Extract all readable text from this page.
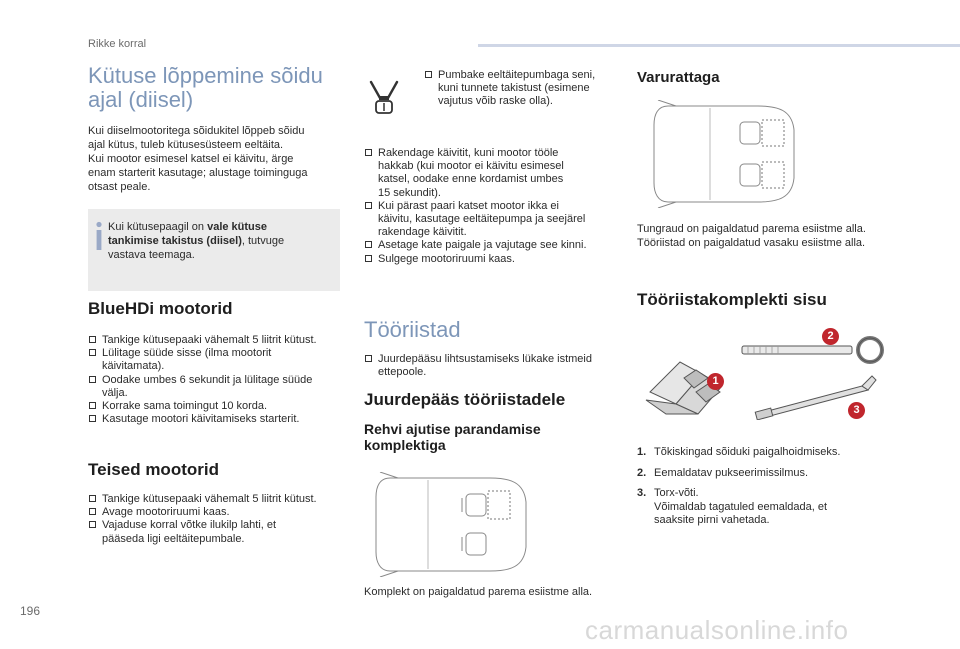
Rikke korral
196
carmanualsonline.info
Kütuse lõppemine sõidu
ajal (diisel)
Kui diiselmootoritega sõidukitel lõppeb sõidu
ajal kütus, tuleb kütusesüsteem eeltäita.
Kui mootor esimesel katsel ei käivitu, ärge
enam starterit kasutage; alustage toiminguga
otsast peale.
Kui kütusepaagil on vale kütuse
tankimise takistus (diisel), tutvuge
vastava teemaga.
BlueHDi mootorid
Tankige kütusepaaki vähemalt 5 liitrit kütust.
Lülitage süüde sisse (ilma mootorit
käivitamata).
Oodake umbes 6 sekundit ja lülitage süüde
välja.
Korrake sama toimingut 10 korda.
Kasutage mootori käivitamiseks starterit.
Teised mootorid
Tankige kütusepaaki vähemalt 5 liitrit kütust.
Avage mootoriruumi kaas.
Vajaduse korral võtke ilukilp lahti, et
pääseda ligi eeltäitepumbale.
Pumbake eeltäitepumbaga seni,
kuni tunnete takistust (esimene
vajutus võib raske olla).
Rakendage käivitit, kuni mootor tööle
hakkab (kui mootor ei käivitu esimesel
katsel, oodake enne kordamist umbes
15 sekundit).
Kui pärast paari katset mootor ikka ei
käivitu, kasutage eeltäitepumpa ja seejärel
rakendage käivitit.
Asetage kate paigale ja vajutage see kinni.
Sulgege mootoriruumi kaas.
Tööriistad
Juurdepääsu lihtsustamiseks lükake istmeid
ettepoole.
Juurdepääs tööriistadele
Rehvi ajutise parandamise
komplektiga
Komplekt on paigaldatud parema esiistme alla.
Varurattaga
Tungraud on paigaldatud parema esiistme alla.
Tööriistad on paigaldatud vasaku esiistme alla.
Tööriistakomplekti sisu
1
2
3
1. Tõkiskingad sõiduki paigalhoidmiseks.
2. Eemaldatav pukseerimissilmus.
3. Torx-võti.
Võimaldab tagatuled eemaldada, et
saaksite pirni vahetada.
